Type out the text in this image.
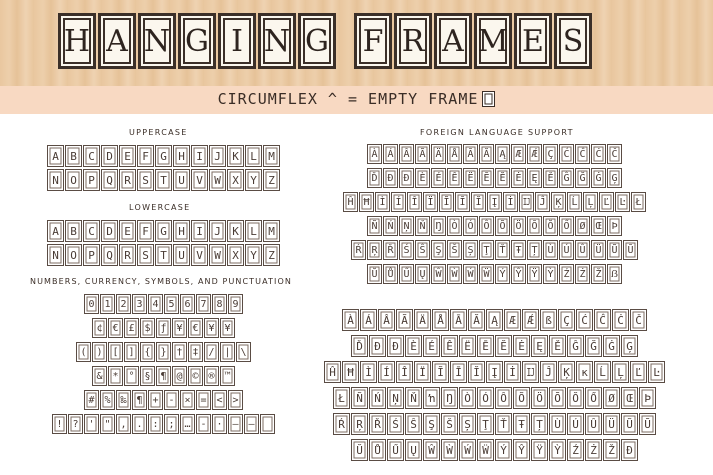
H A N G I N G F R A M E S
CIRCUMFLEX ^ = EMPTY FRAME
UPPERCASE
LOWERCASE
NUMBERS, CURRENCY, SYMBOLS, AND PUNCTUATION
FOREIGN LANGUAGE SUPPORT
A	B	C	D	E	F	G	H	I	J	K	L	M
N	O	P	Q	R	S	T	U	V	W	X	Y	Z
A	B	C	D	E	F	G	H	I	J	K	L	M
N	O	P	Q	R	S	T	U	V	W	X	Y	Z
0 1 2 3 4 5 6 7 8 9
¢ € £ $ ƒ ¥ € ¥ ¥
( ) [ ] { } † ‡ / | \
& * ° § ¶ @ © ® ™
# % ‰ ¶ + - × = < >
! ? ' " , . : ; … - · – —
À Á Â Ã Ä Å Ā Ă Ą Æ Ǽ Ç Ć Ĉ Ċ Č
Ď Đ Đ È É Ê Ë Ē Ĕ Ė Ę Ě Ĝ Ğ Ġ Ģ
Ĥ Ħ Ì Í Î Ï Ĩ Ī Ĭ Į İ Ĳ Ĵ Ķ Ĺ Ļ Ľ Ŀ Ł
Ñ Ń Ņ Ň Ŋ Ò Ó Ô Õ Ö Ō Ŏ Ő Ø Œ Þ
Ŕ Ŗ Ř Ś Ŝ Ş Š Ș Ţ Ť Ŧ Ț Ù Ú Û Ü Ũ Ū
Ŭ Ů Ű Ų Ŵ Ẁ Ẃ Ẅ Ý Ŷ Ÿ Ỳ Ź Ż Ž ẞ
À	Á	Â	Ã	Ä	Å	Ā	Ă	Ą	Æ	Ǽ	ß	Ç	Ć	Ĉ	Ċ	Č
Ď	Đ	Đ	È	É	Ê	Ë	Ē	Ĕ	Ė	Ę	Ě	Ĝ	Ğ	Ġ	Ģ
Ĥ	Ħ	Ì	Í	Î	Ï	Ĩ	Ī	Ĭ	Į	İ	Ĳ	Ĵ	Ķ	ĸ	Ĺ	Ļ	Ľ	Ŀ
Ł	Ñ	Ń	Ņ	Ň	ŉ	Ŋ	Ò	Ó	Ô	Õ	Ö	Ō	Ŏ	Ő	Ø	Œ	Þ
Ŕ	Ŗ	Ř	Ś	Ŝ	Ş	Š	Ș	Ţ	Ť	Ŧ	Ț	Ù	Ú	Û	Ü	Ũ	Ū
Ŭ	Ů	Ű	Ų	Ŵ	Ẁ	Ẃ	Ẅ	Ý	Ŷ	Ÿ	Ỳ	Ź	Ż	Ž	Ð
